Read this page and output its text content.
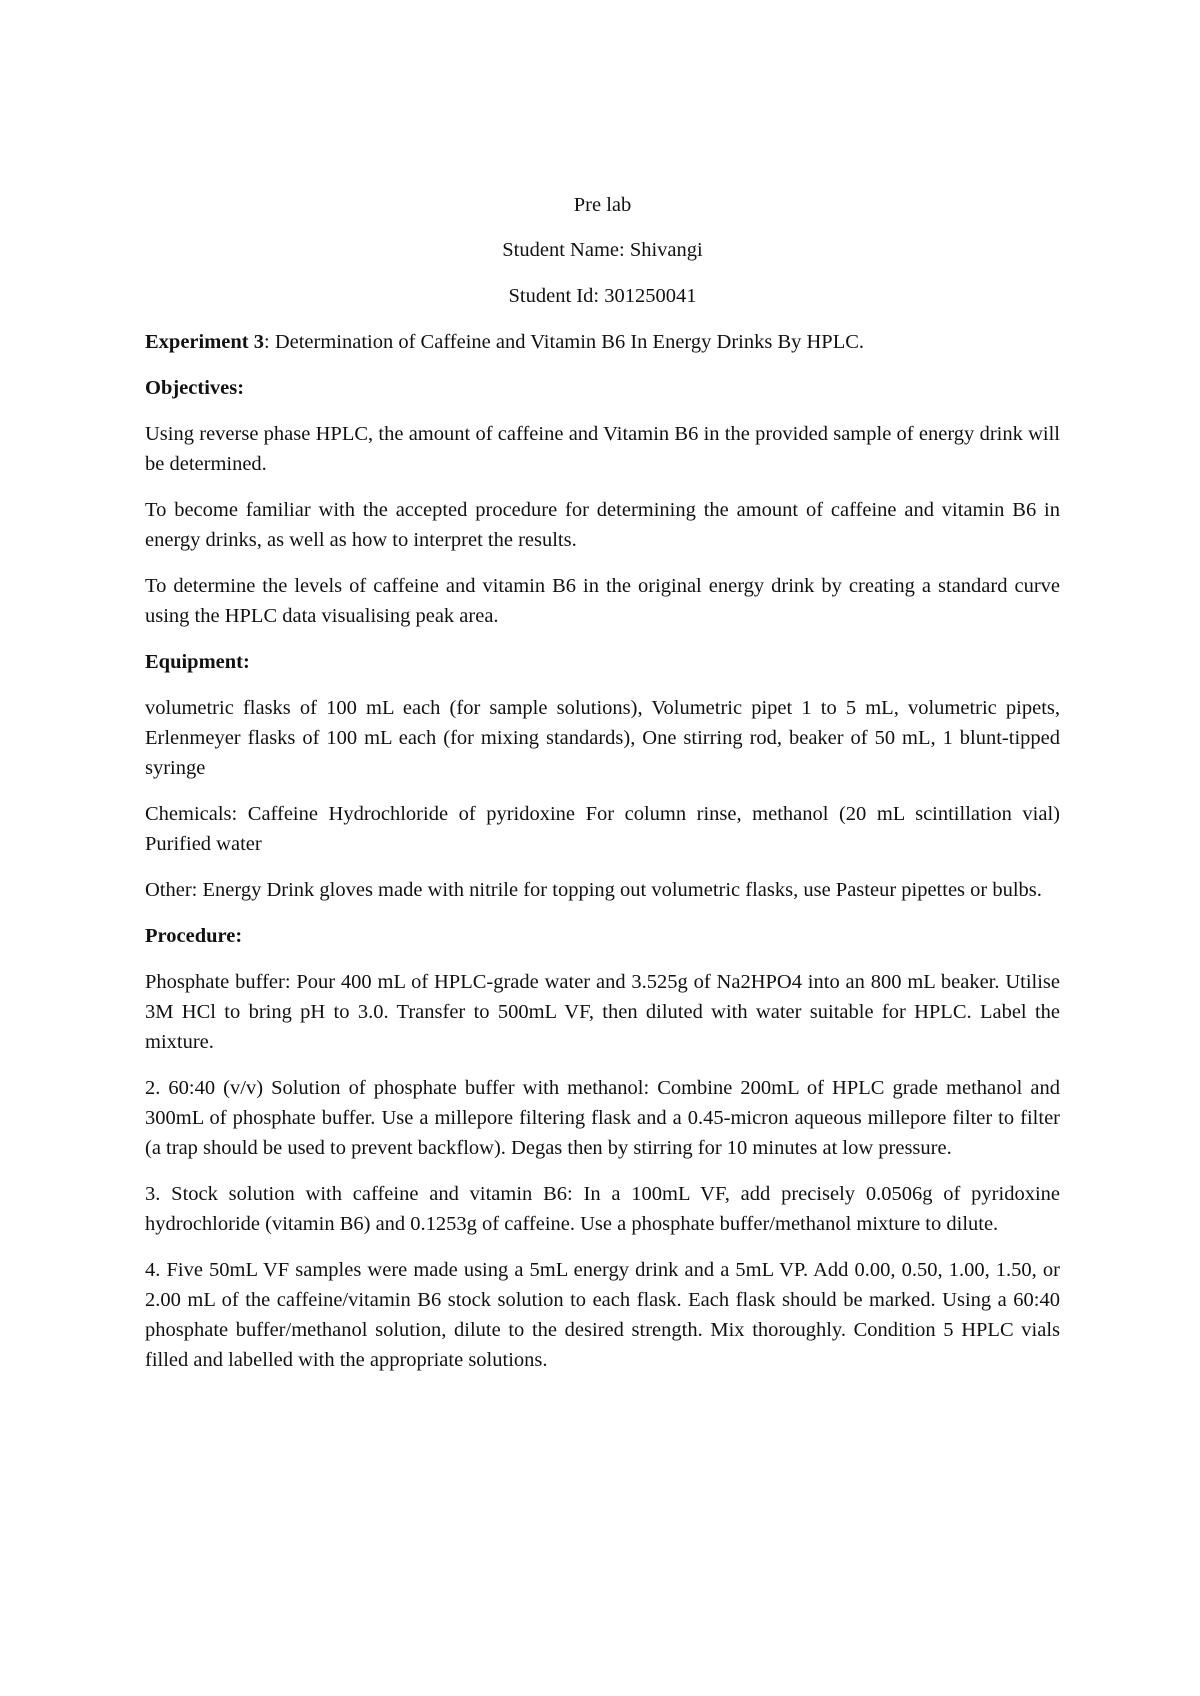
Pre lab

Student Name: Shivangi

Student Id: 301250041

Experiment 3: Determination of Caffeine and Vitamin B6 In Energy Drinks By HPLC.

Objectives:

Using reverse phase HPLC, the amount of caffeine and Vitamin B6 in the provided sample of energy drink will be determined.

To become familiar with the accepted procedure for determining the amount of caffeine and vitamin B6 in energy drinks, as well as how to interpret the results.

To determine the levels of caffeine and vitamin B6 in the original energy drink by creating a standard curve using the HPLC data visualising peak area.

Equipment:

volumetric flasks of 100 mL each (for sample solutions), Volumetric pipet 1 to 5 mL, volumetric pipets, Erlenmeyer flasks of 100 mL each (for mixing standards), One stirring rod, beaker of 50 mL, 1 blunt-tipped syringe

Chemicals: Caffeine Hydrochloride of pyridoxine For column rinse, methanol (20 mL scintillation vial) Purified water

Other: Energy Drink gloves made with nitrile for topping out volumetric flasks, use Pasteur pipettes or bulbs.

Procedure:

Phosphate buffer: Pour 400 mL of HPLC-grade water and 3.525g of Na2HPO4 into an 800 mL beaker. Utilise 3M HCl to bring pH to 3.0. Transfer to 500mL VF, then diluted with water suitable for HPLC. Label the mixture.

2. 60:40 (v/v) Solution of phosphate buffer with methanol: Combine 200mL of HPLC grade methanol and 300mL of phosphate buffer. Use a millepore filtering flask and a 0.45-micron aqueous millepore filter to filter (a trap should be used to prevent backflow). Degas then by stirring for 10 minutes at low pressure.

3. Stock solution with caffeine and vitamin B6: In a 100mL VF, add precisely 0.0506g of pyridoxine hydrochloride (vitamin B6) and 0.1253g of caffeine. Use a phosphate buffer/methanol mixture to dilute.

4. Five 50mL VF samples were made using a 5mL energy drink and a 5mL VP. Add 0.00, 0.50, 1.00, 1.50, or 2.00 mL of the caffeine/vitamin B6 stock solution to each flask. Each flask should be marked. Using a 60:40 phosphate buffer/methanol solution, dilute to the desired strength. Mix thoroughly. Condition 5 HPLC vials filled and labelled with the appropriate solutions.
